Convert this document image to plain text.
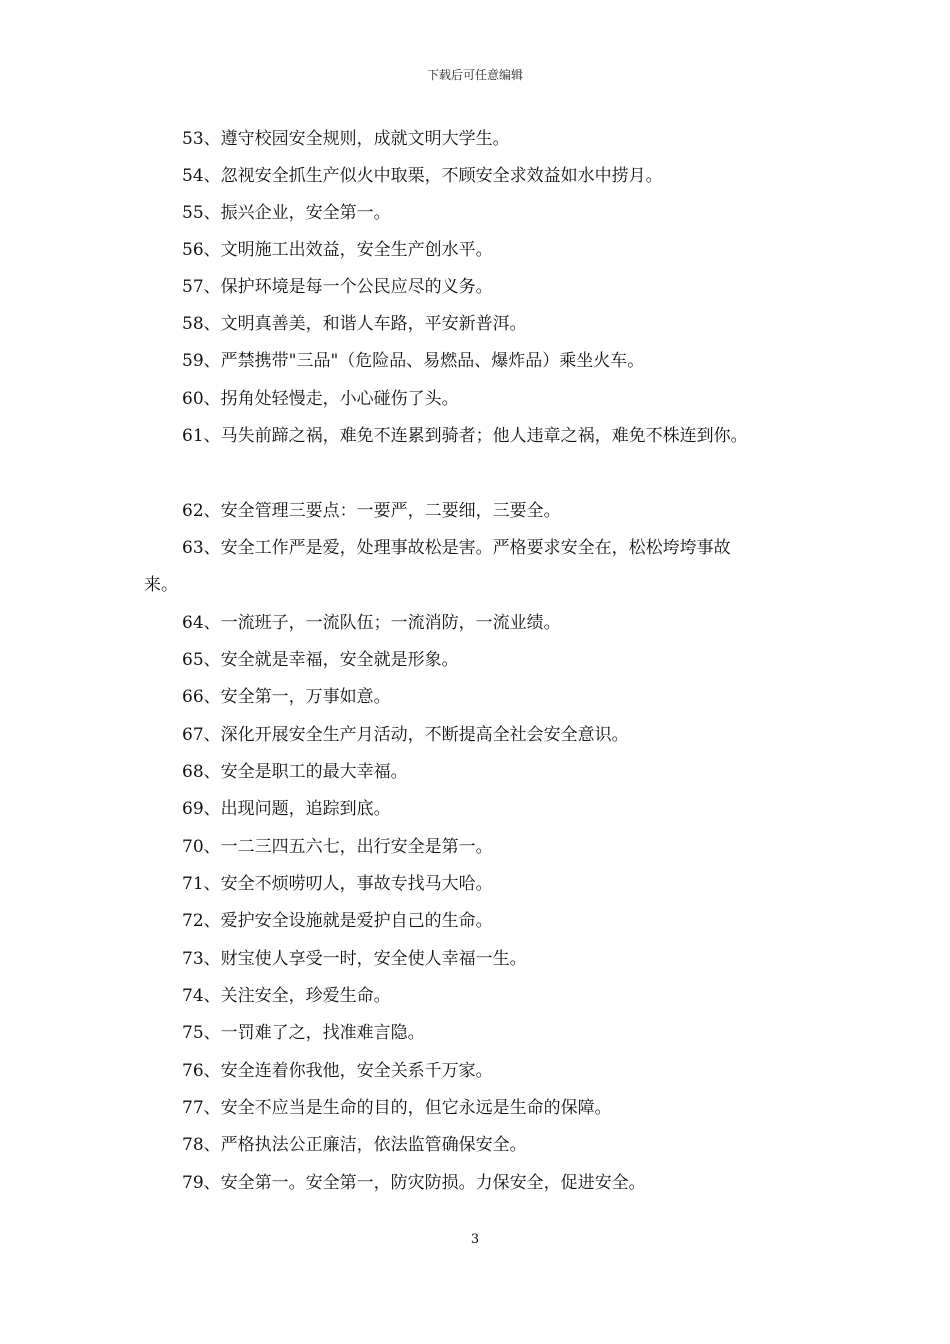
下载后可任意编辑
53、遵守校园安全规则，成就文明大学生。
54、忽视安全抓生产似火中取栗，不顾安全求效益如水中捞月。
55、振兴企业，安全第一。
56、文明施工出效益，安全生产创水平。
57、保护环境是每一个公民应尽的义务。
58、文明真善美，和谐人车路，平安新普洱。
59、严禁携带"三品"（危险品、易燃品、爆炸品）乘坐火车。
60、拐角处轻慢走，小心碰伤了头。
61、马失前蹄之祸，难免不连累到骑者；他人违章之祸，难免不株连到你。
62、安全管理三要点：一要严，二要细，三要全。
63、安全工作严是爱，处理事故松是害。严格要求安全在，松松垮垮事故
来。
64、一流班子，一流队伍；一流消防，一流业绩。
65、安全就是幸福，安全就是形象。
66、安全第一，万事如意。
67、深化开展安全生产月活动，不断提高全社会安全意识。
68、安全是职工的最大幸福。
69、出现问题，追踪到底。
70、一二三四五六七，出行安全是第一。
71、安全不烦唠叨人，事故专找马大哈。
72、爱护安全设施就是爱护自己的生命。
73、财宝使人享受一时，安全使人幸福一生。
74、关注安全，珍爱生命。
75、一罚难了之，找准难言隐。
76、安全连着你我他，安全关系千万家。
77、安全不应当是生命的目的，但它永远是生命的保障。
78、严格执法公正廉洁，依法监管确保安全。
79、安全第一。安全第一，防灾防损。力保安全，促进安全。
3
